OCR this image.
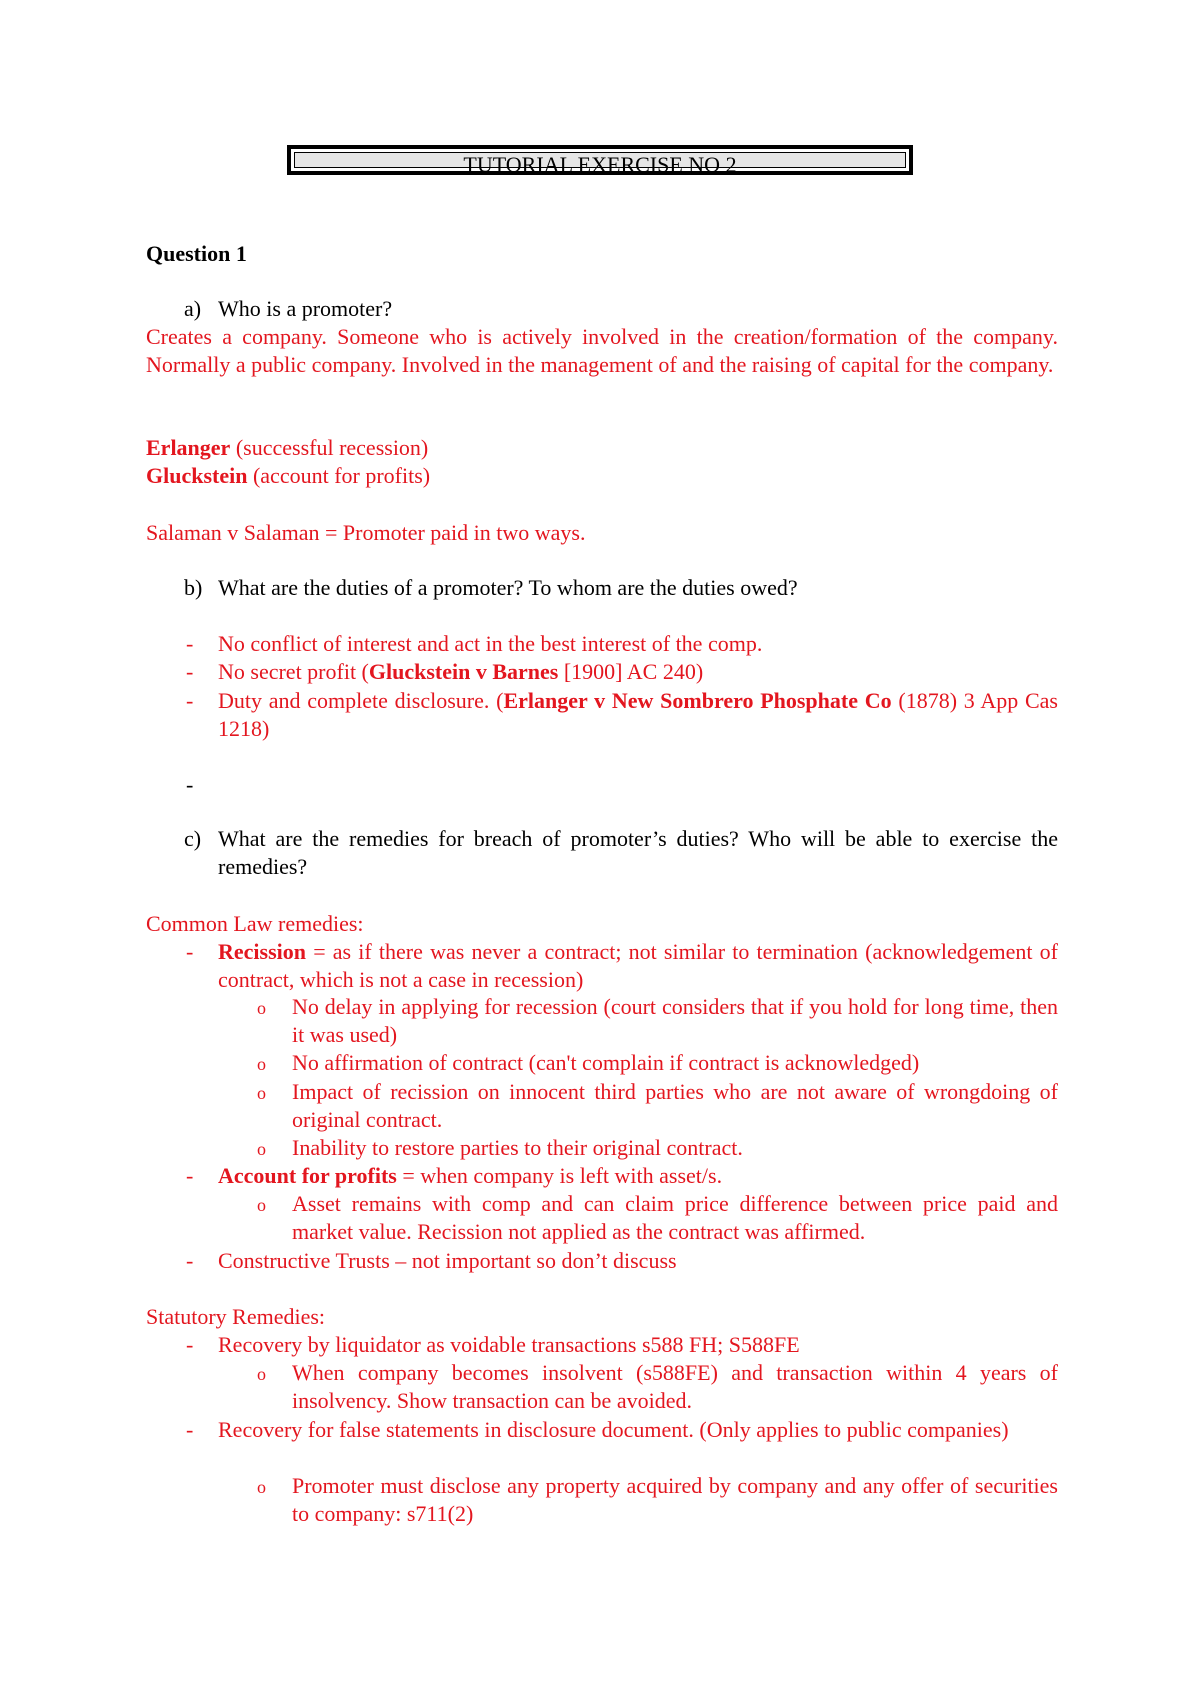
TUTORIAL EXERCISE NO 2
Question 1
a) Who is a promoter?
Creates a company. Someone who is actively involved in the creation/formation of the company. Normally a public company. Involved in the management of and the raising of capital for the company.
Erlanger (successful recession)
Gluckstein (account for profits)
Salaman v Salaman = Promoter paid in two ways.
b) What are the duties of a promoter? To whom are the duties owed?
- No conflict of interest and act in the best interest of the comp.
- No secret profit (Gluckstein v Barnes [1900] AC 240)
- Duty and complete disclosure. (Erlanger v New Sombrero Phosphate Co (1878) 3 App Cas 1218)
-
c) What are the remedies for breach of promoter’s duties? Who will be able to exercise the remedies?
Common Law remedies:
- Recission = as if there was never a contract; not similar to termination (acknowledgement of contract, which is not a case in recession)
o No delay in applying for recession (court considers that if you hold for long time, then it was used)
o No affirmation of contract (can't complain if contract is acknowledged)
o Impact of recission on innocent third parties who are not aware of wrongdoing of original contract.
o Inability to restore parties to their original contract.
- Account for profits = when company is left with asset/s.
o Asset remains with comp and can claim price difference between price paid and market value. Recission not applied as the contract was affirmed.
- Constructive Trusts – not important so don’t discuss
Statutory Remedies:
- Recovery by liquidator as voidable transactions s588 FH; S588FE
o When company becomes insolvent (s588FE) and transaction within 4 years of insolvency. Show transaction can be avoided.
- Recovery for false statements in disclosure document. (Only applies to public companies)
o Promoter must disclose any property acquired by company and any offer of securities to company: s711(2)
